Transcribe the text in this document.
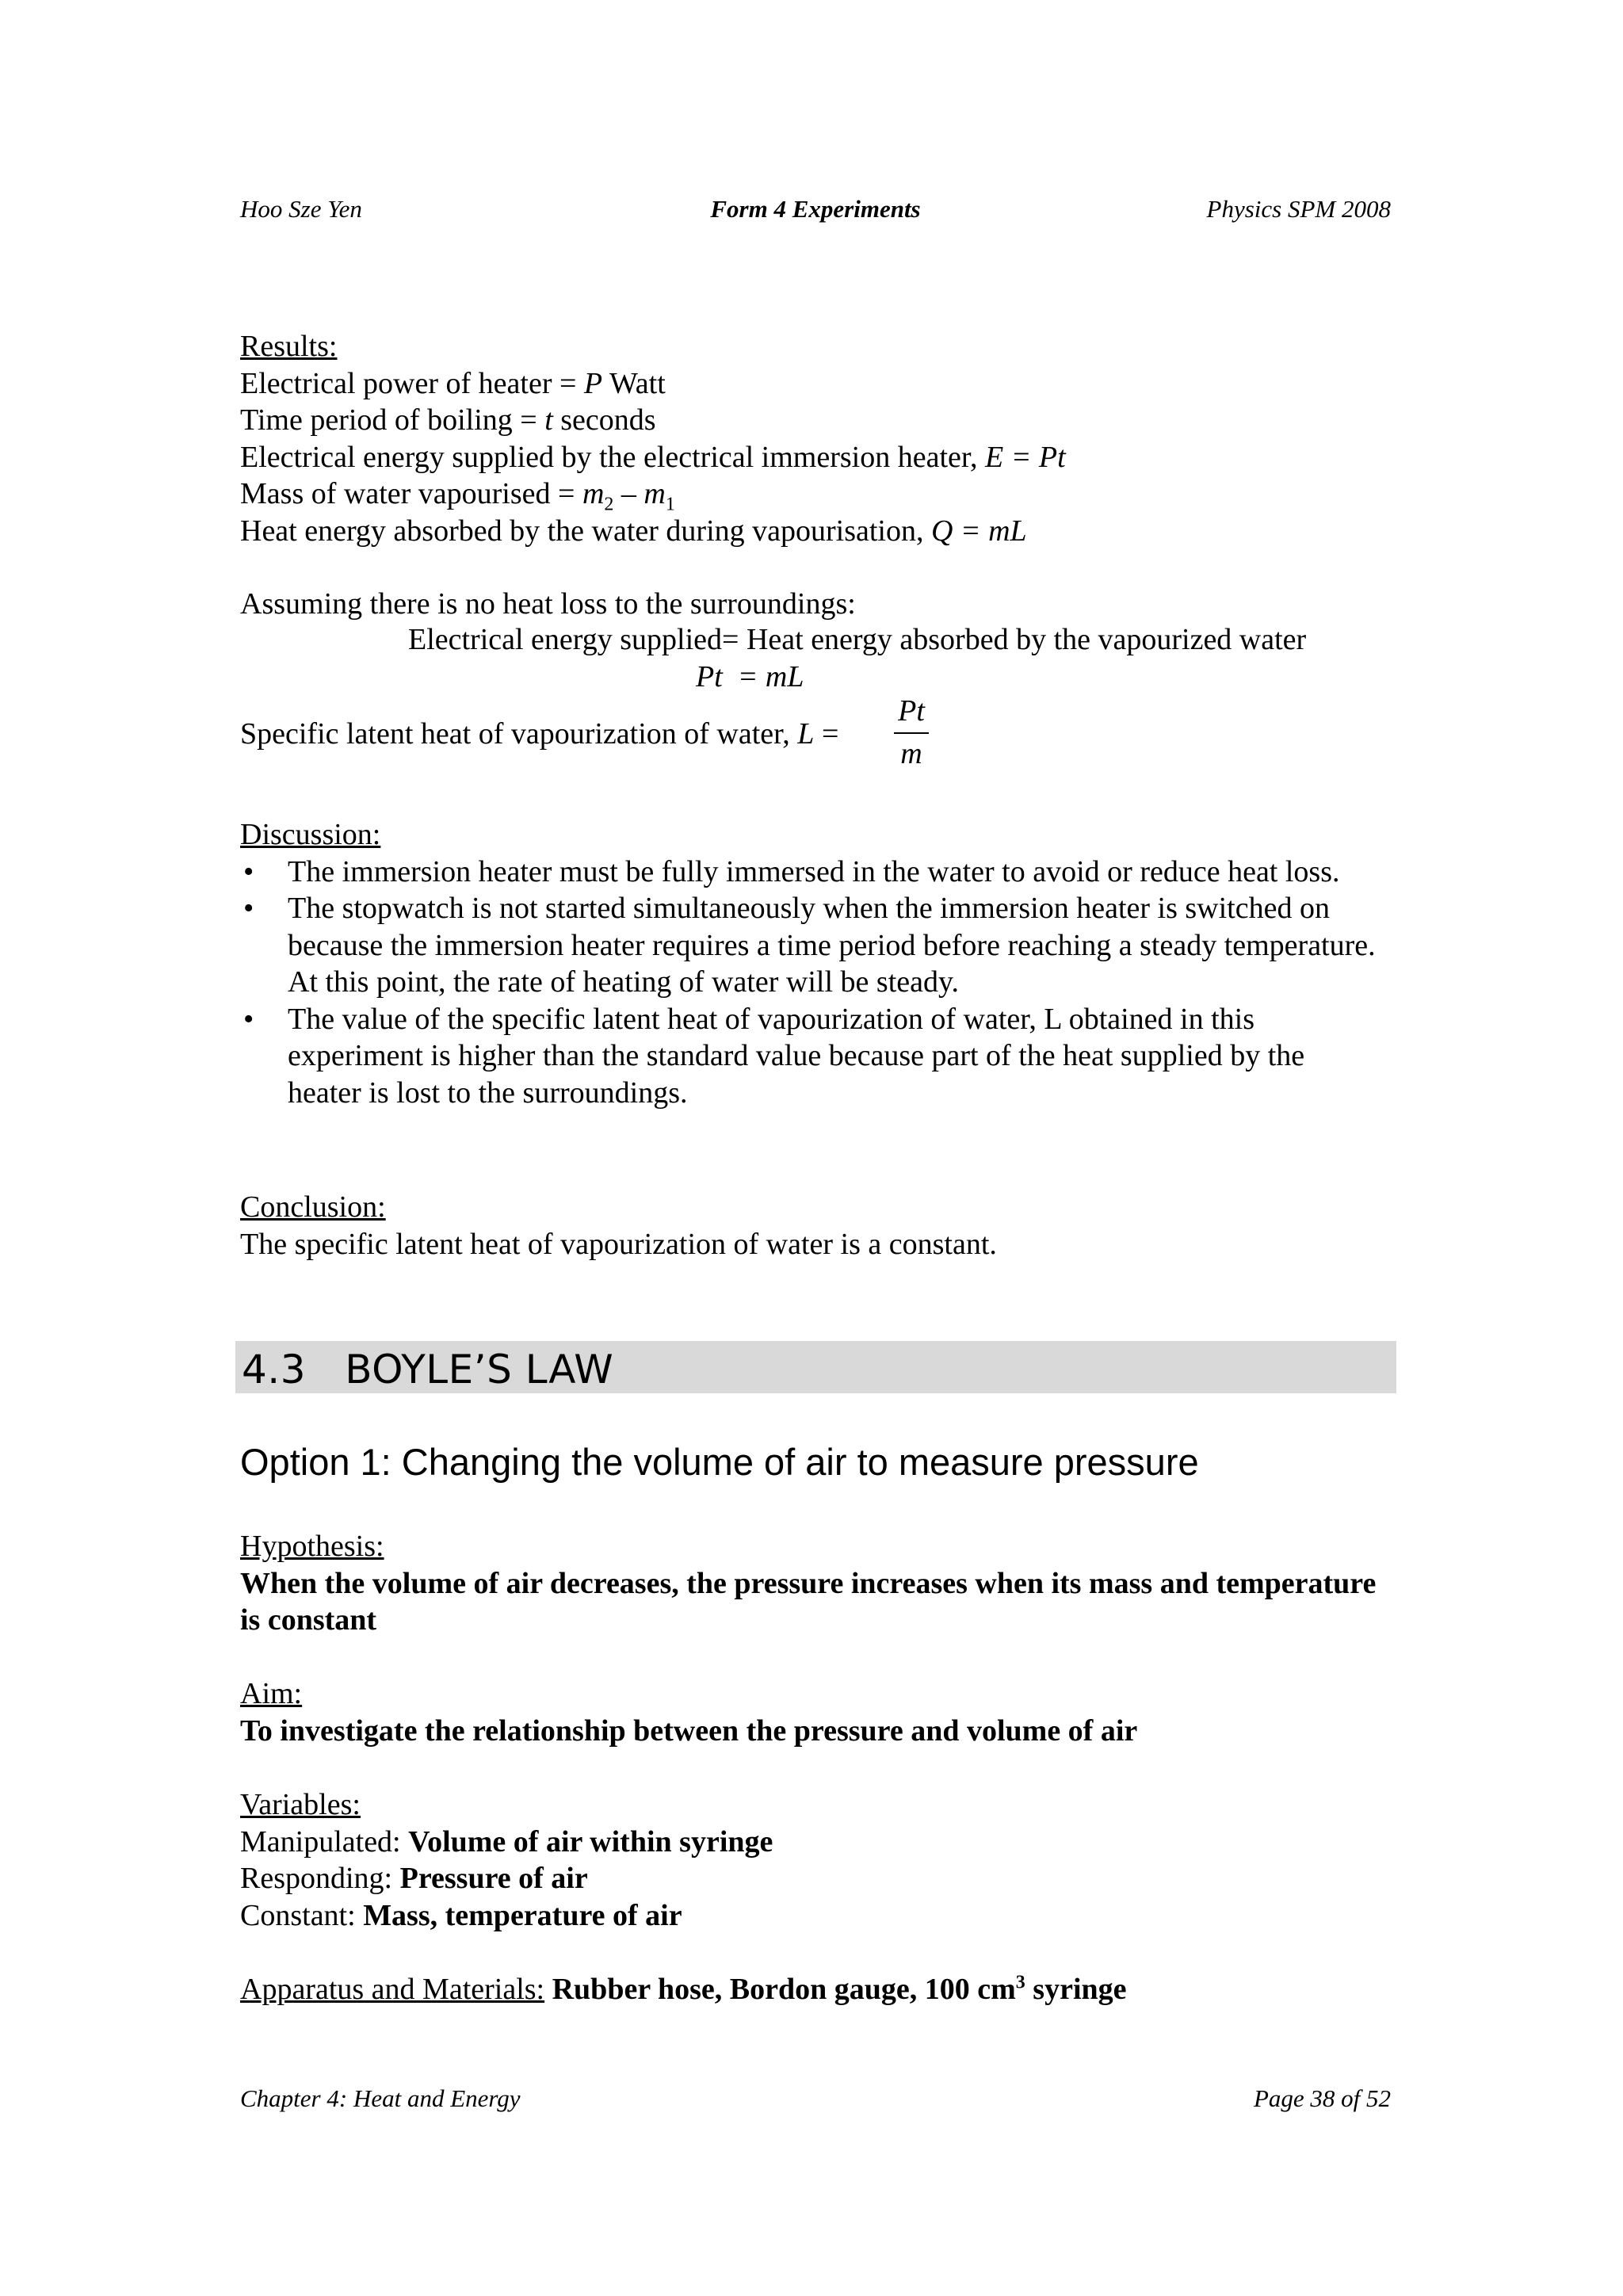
Hoo Sze Yen	Form 4 Experiments	Physics SPM 2008
Results:
Electrical power of heater = P Watt
Time period of boiling = t seconds
Electrical energy supplied by the electrical immersion heater, E = Pt
Mass of water vapourised = $m_2 - m_1$
Heat energy absorbed by the water during vapourisation, Q = mL
Assuming there is no heat loss to the surroundings:
Electrical energy supplied= Heat energy absorbed by the vapourized water
Pt = mL
Specific latent heat of vapourization of water, L =
Pt
m
Discussion:
• The immersion heater must be fully immersed in the water to avoid or reduce heat loss.
• The stopwatch is not started simultaneously when the immersion heater is switched on because the immersion heater requires a time period before reaching a steady temperature. At this point, the rate of heating of water will be steady.
• The value of the specific latent heat of vapourization of water, L obtained in this experiment is higher than the standard value because part of the heat supplied by the heater is lost to the surroundings.
Conclusion:
The specific latent heat of vapourization of water is a constant.
4.3   BOYLE’S LAW
Option 1: Changing the volume of air to measure pressure
Hypothesis:
When the volume of air decreases, the pressure increases when its mass and temperature is constant
Aim:
To investigate the relationship between the pressure and volume of air
Variables:
Manipulated: Volume of air within syringe
Responding: Pressure of air
Constant: Mass, temperature of air
Apparatus and Materials: Rubber hose, Bordon gauge, 100 $cm^3$ syringe
Chapter 4: Heat and Energy	Page 38 of 52
